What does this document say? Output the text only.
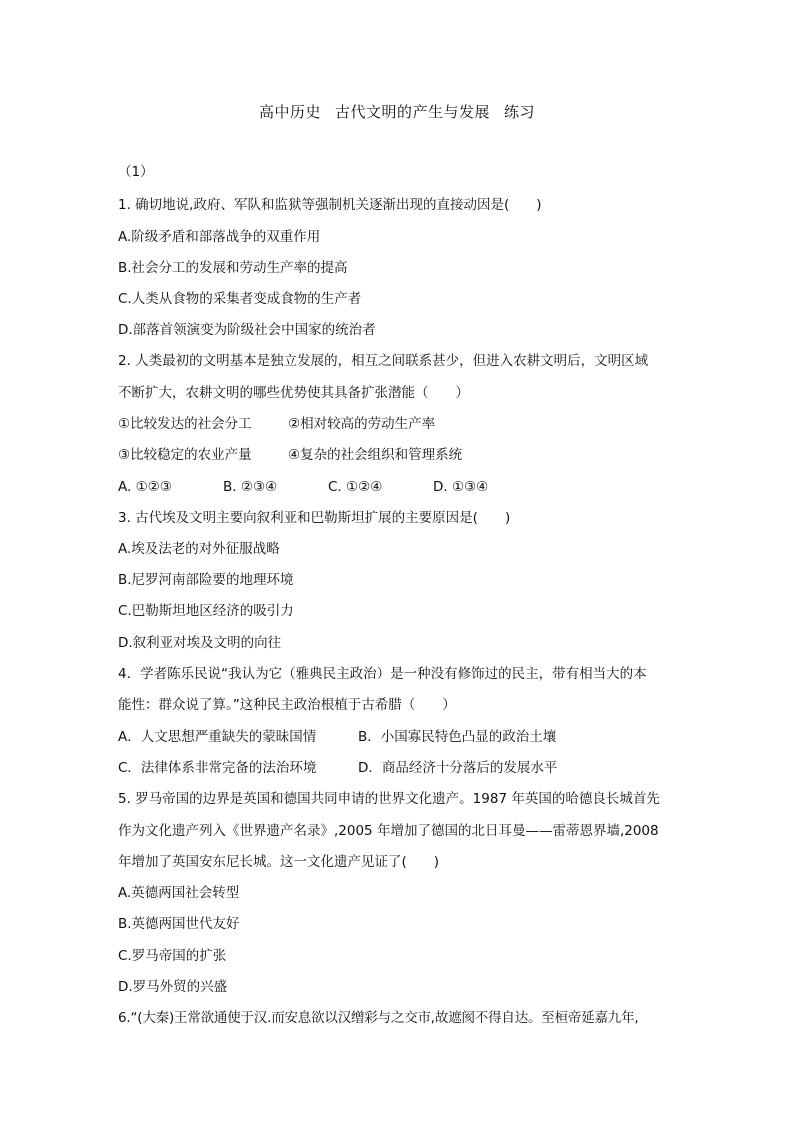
高中历史 古代文明的产生与发展 练习
（1）
1. 确切地说,政府、军队和监狱等强制机关逐渐出现的直接动因是(　　)
A.阶级矛盾和部落战争的双重作用
B.社会分工的发展和劳动生产率的提高
C.人类从食物的采集者变成食物的生产者
D.部落首领演变为阶级社会中国家的统治者
2. 人类最初的文明基本是独立发展的，相互之间联系甚少，但进入农耕文明后，文明区域
不断扩大，农耕文明的哪些优势使其具备扩张潜能（　　）
①比较发达的社会分工	②相对较高的劳动生产率
③比较稳定的农业产量	④复杂的社会组织和管理系统
A. ①②③	B. ②③④	C. ①②④	D. ①③④
3. 古代埃及文明主要向叙利亚和巴勒斯坦扩展的主要原因是(　　)
A.埃及法老的对外征服战略
B.尼罗河南部险要的地理环境
C.巴勒斯坦地区经济的吸引力
D.叙利亚对埃及文明的向往
4．学者陈乐民说“我认为它（雅典民主政治）是一种没有修饰过的民主，带有相当大的本
能性：群众说了算。”这种民主政治根植于古希腊（　　）
A．人文思想严重缺失的蒙昧国情	B．小国寡民特色凸显的政治土壤
C．法律体系非常完备的法治环境	D．商品经济十分落后的发展水平
5. 罗马帝国的边界是英国和德国共同申请的世界文化遗产。1987 年英国的哈德良长城首先
作为文化遗产列入《世界遗产名录》,2005 年增加了德国的北日耳曼——雷蒂恩界墙,2008
年增加了英国安东尼长城。这一文化遗产见证了(　　)
A.英德两国社会转型
B.英德两国世代友好
C.罗马帝国的扩张
D.罗马外贸的兴盛
6.“(大秦)王常欲通使于汉.而安息欲以汉缯彩与之交市,故遮阂不得自达。至桓帝延嘉九年,
